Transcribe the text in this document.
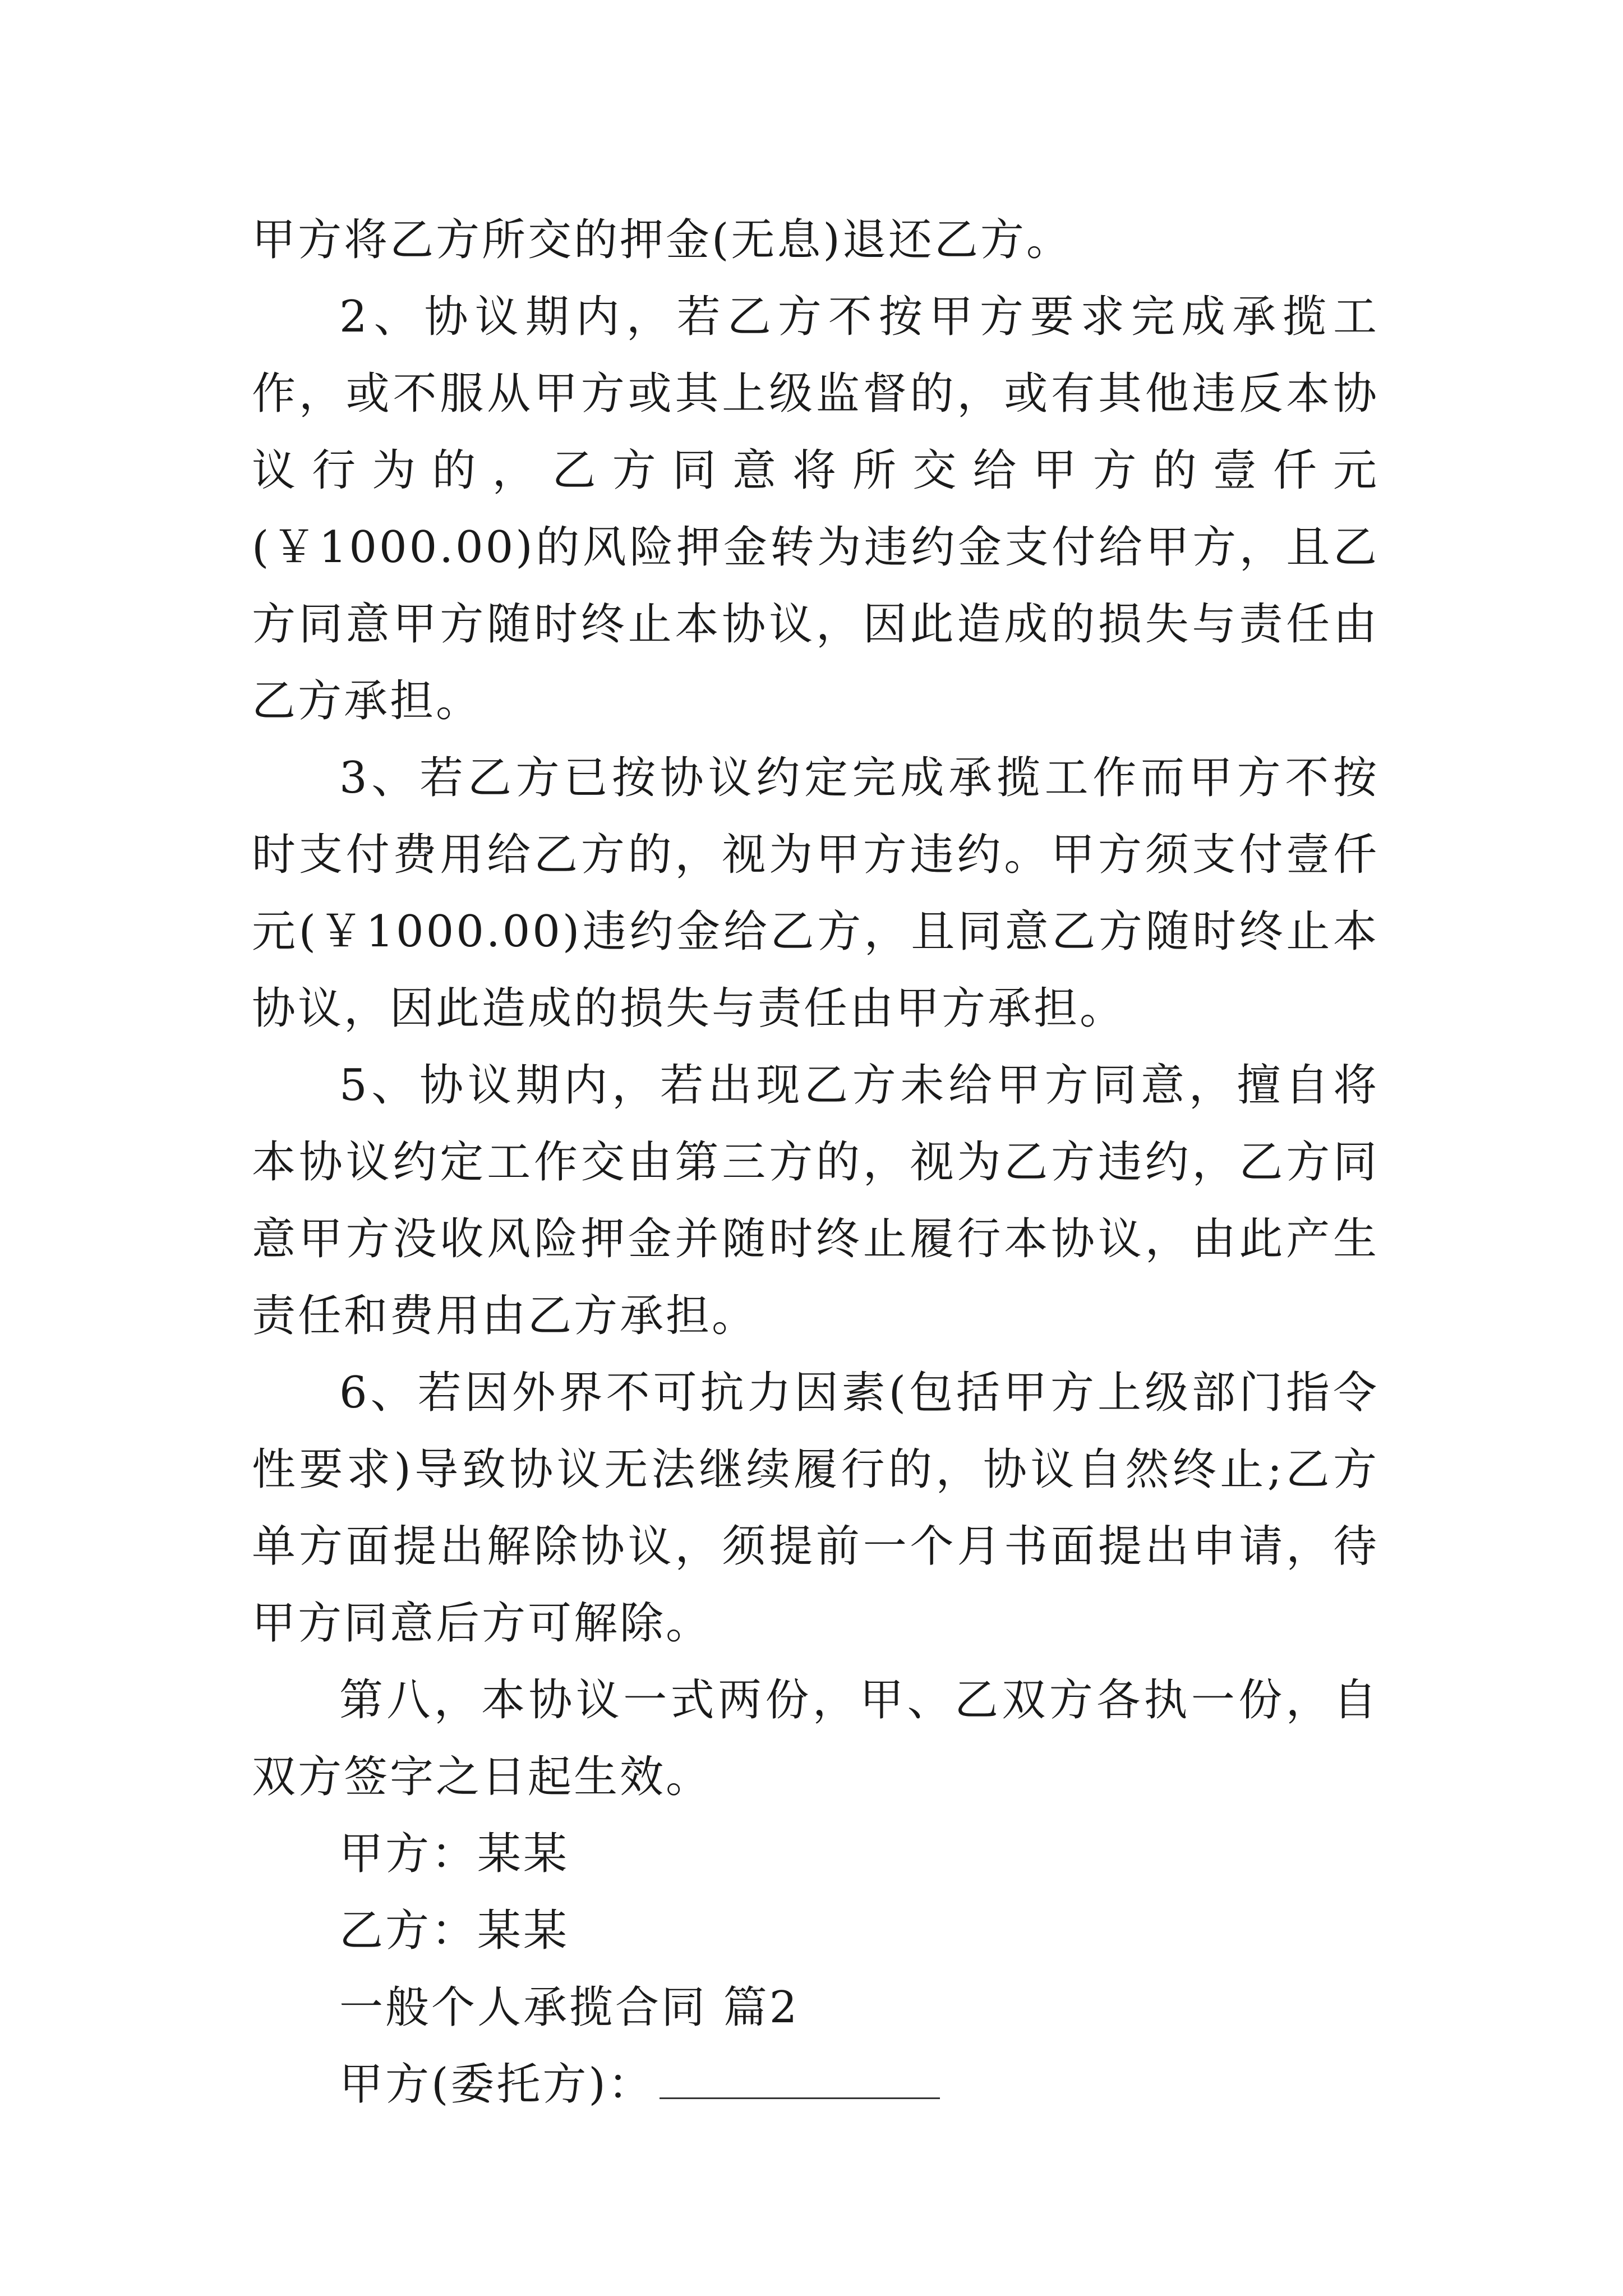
甲方将乙方所交的押金(无息)退还乙方。

2、协议期内，若乙方不按甲方要求完成承揽工作，或不服从甲方或其上级监督的，或有其他违反本协议行为的，乙方同意将所交给甲方的壹仟元(￥1000.00)的风险押金转为违约金支付给甲方，且乙方同意甲方随时终止本协议，因此造成的损失与责任由乙方承担。

3、若乙方已按协议约定完成承揽工作而甲方不按时支付费用给乙方的，视为甲方违约。甲方须支付壹仟元(￥1000.00)违约金给乙方，且同意乙方随时终止本协议，因此造成的损失与责任由甲方承担。

5、协议期内，若出现乙方未给甲方同意，擅自将本协议约定工作交由第三方的，视为乙方违约，乙方同意甲方没收风险押金并随时终止履行本协议，由此产生责任和费用由乙方承担。

6、若因外界不可抗力因素(包括甲方上级部门指令性要求)导致协议无法继续履行的，协议自然终止;乙方单方面提出解除协议，须提前一个月书面提出申请，待甲方同意后方可解除。

第八，本协议一式两份，甲、乙双方各执一份，自双方签字之日起生效。

甲方：某某

乙方：某某

一般个人承揽合同 篇2

甲方(委托方)：
